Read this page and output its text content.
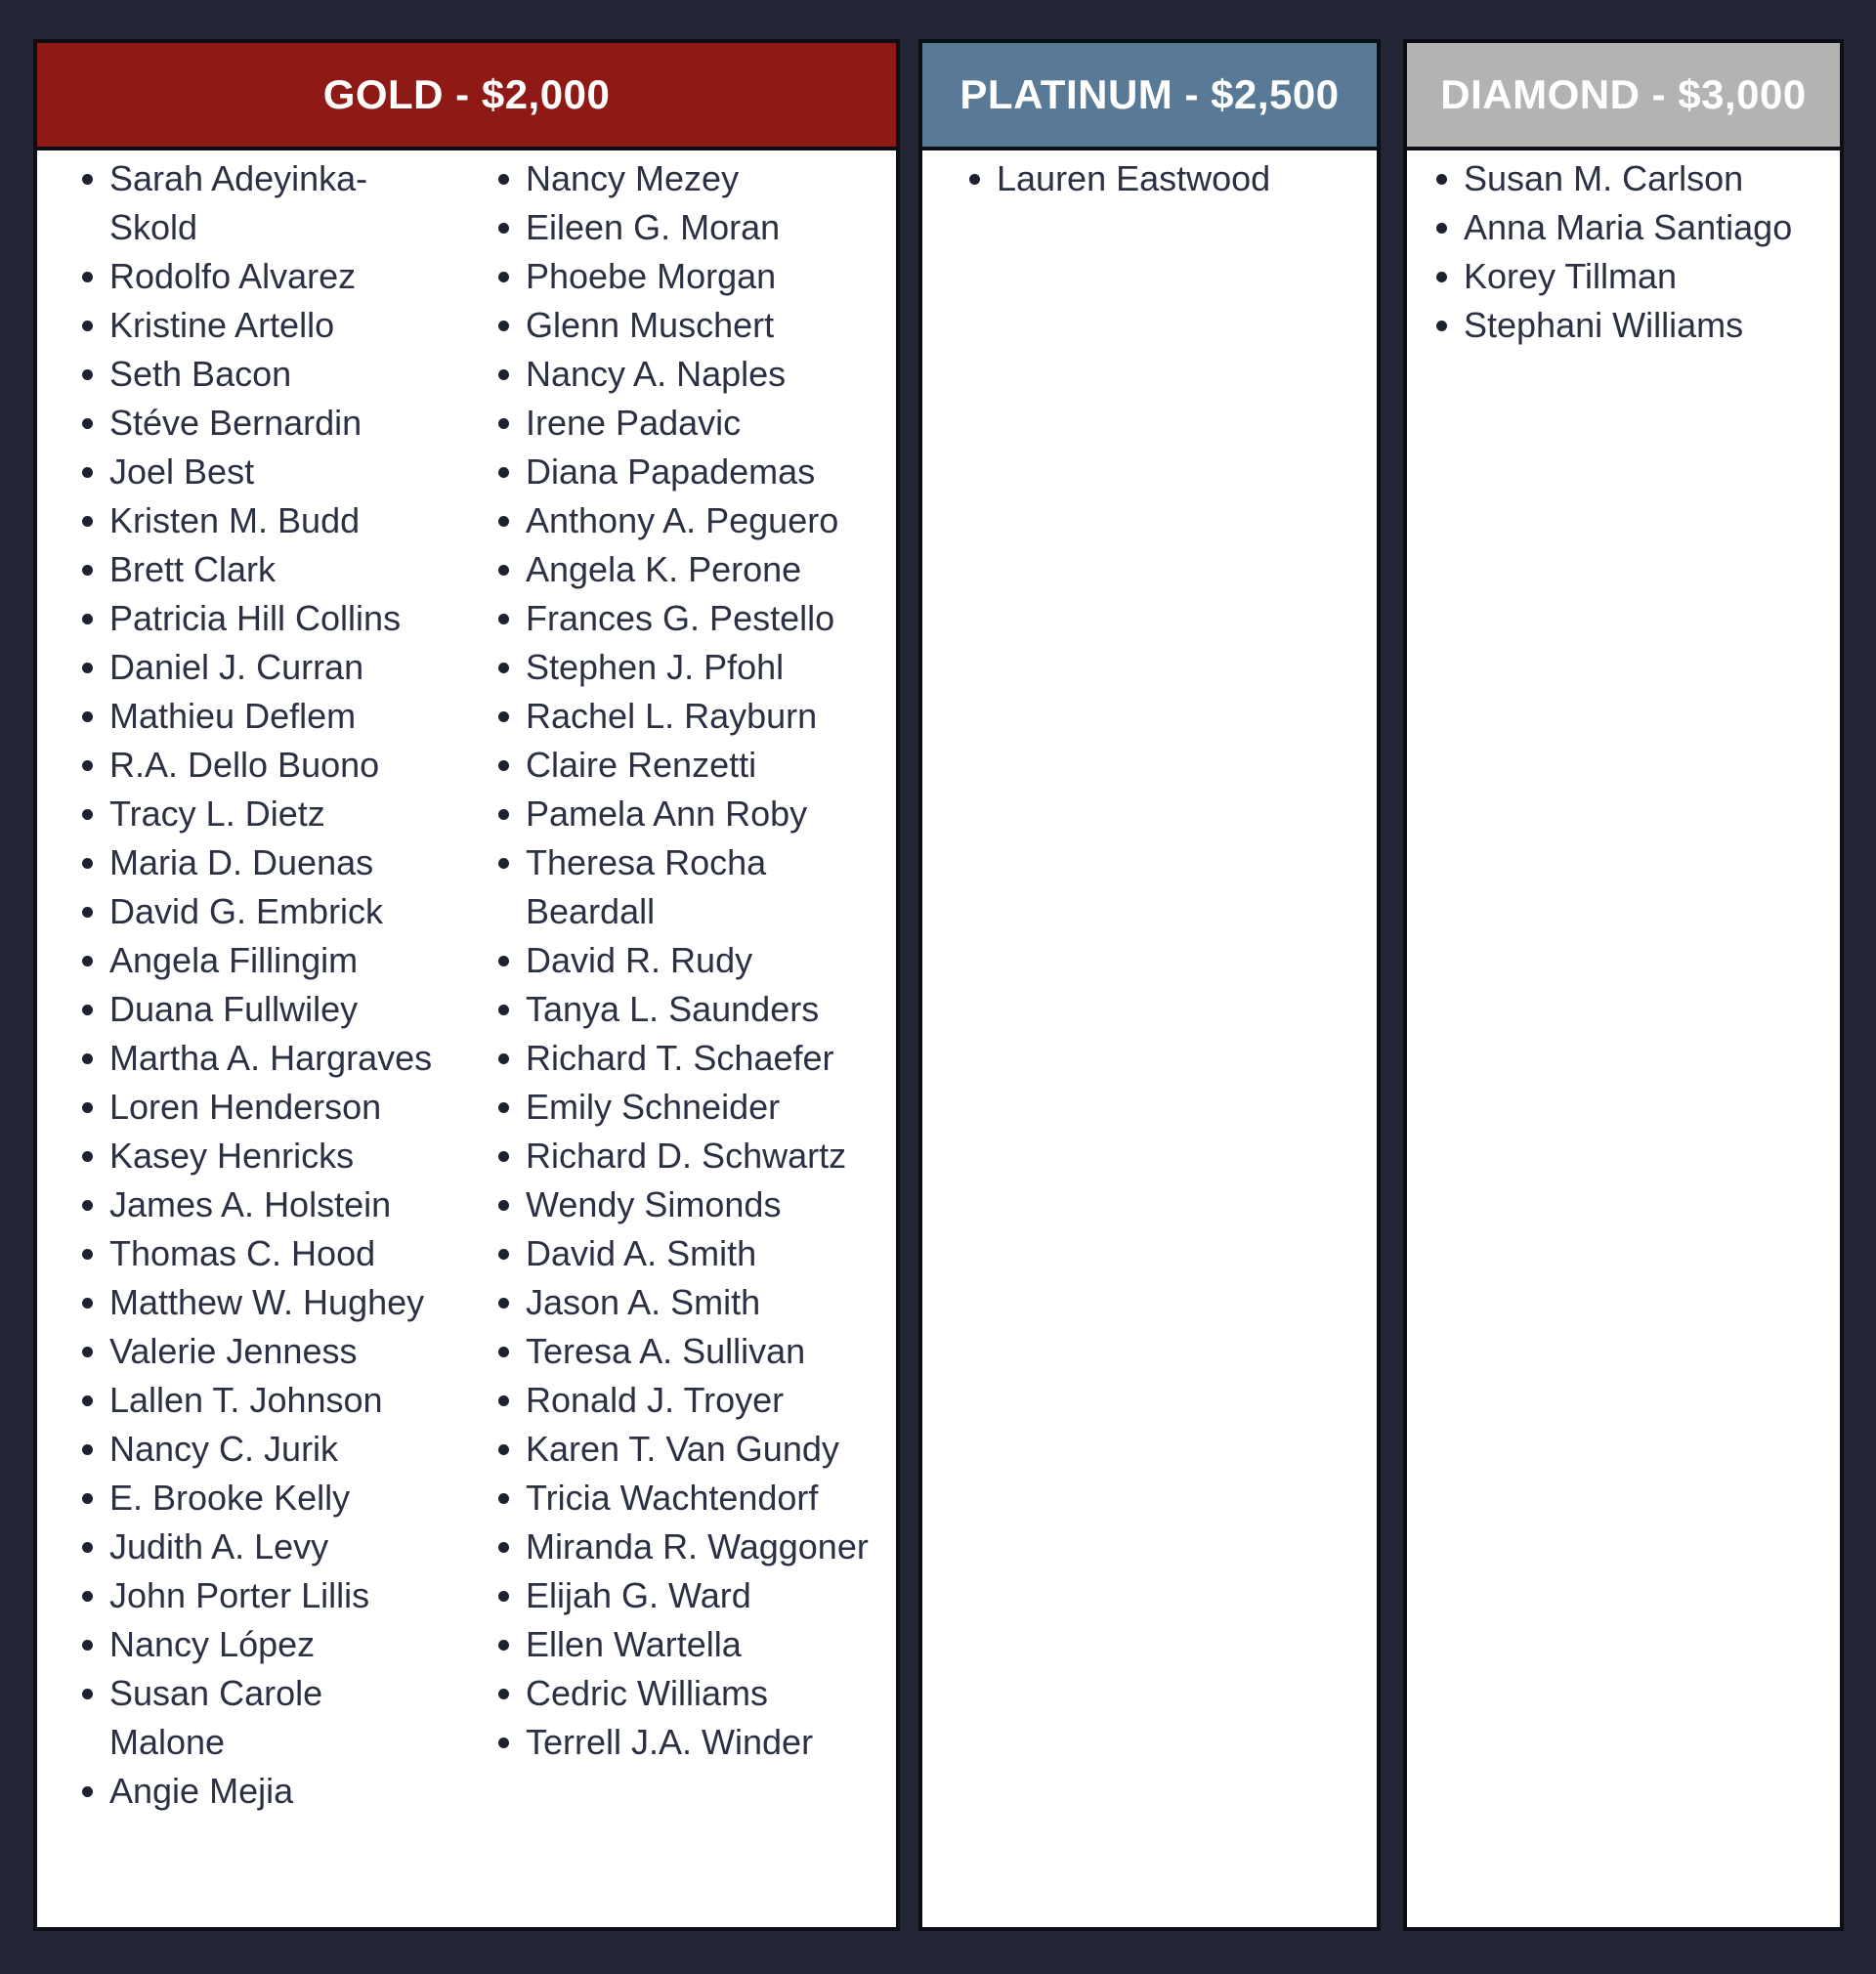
GOLD - $2,000
Sarah Adeyinka-Skold
Rodolfo Alvarez
Kristine Artello
Seth Bacon
Stéve Bernardin
Joel Best
Kristen M. Budd
Brett Clark
Patricia Hill Collins
Daniel J. Curran
Mathieu Deflem
R.A. Dello Buono
Tracy L. Dietz
Maria D. Duenas
David G. Embrick
Angela Fillingim
Duana Fullwiley
Martha A. Hargraves
Loren Henderson
Kasey Henricks
James A. Holstein
Thomas C. Hood
Matthew W. Hughey
Valerie Jenness
Lallen T. Johnson
Nancy C. Jurik
E. Brooke Kelly
Judith A. Levy
John Porter Lillis
Nancy López
Susan Carole Malone
Angie Mejia
Nancy Mezey
Eileen G. Moran
Phoebe Morgan
Glenn Muschert
Nancy A. Naples
Irene Padavic
Diana Papademas
Anthony A. Peguero
Angela K. Perone
Frances G. Pestello
Stephen J. Pfohl
Rachel L. Rayburn
Claire Renzetti
Pamela Ann Roby
Theresa Rocha Beardall
David R. Rudy
Tanya L. Saunders
Richard T. Schaefer
Emily Schneider
Richard D. Schwartz
Wendy Simonds
David A. Smith
Jason A. Smith
Teresa A. Sullivan
Ronald J. Troyer
Karen T. Van Gundy
Tricia Wachtendorf
Miranda R. Waggoner
Elijah G. Ward
Ellen Wartella
Cedric Williams
Terrell J.A. Winder
PLATINUM - $2,500
Lauren Eastwood
DIAMOND - $3,000
Susan M. Carlson
Anna Maria Santiago
Korey Tillman
Stephani Williams
